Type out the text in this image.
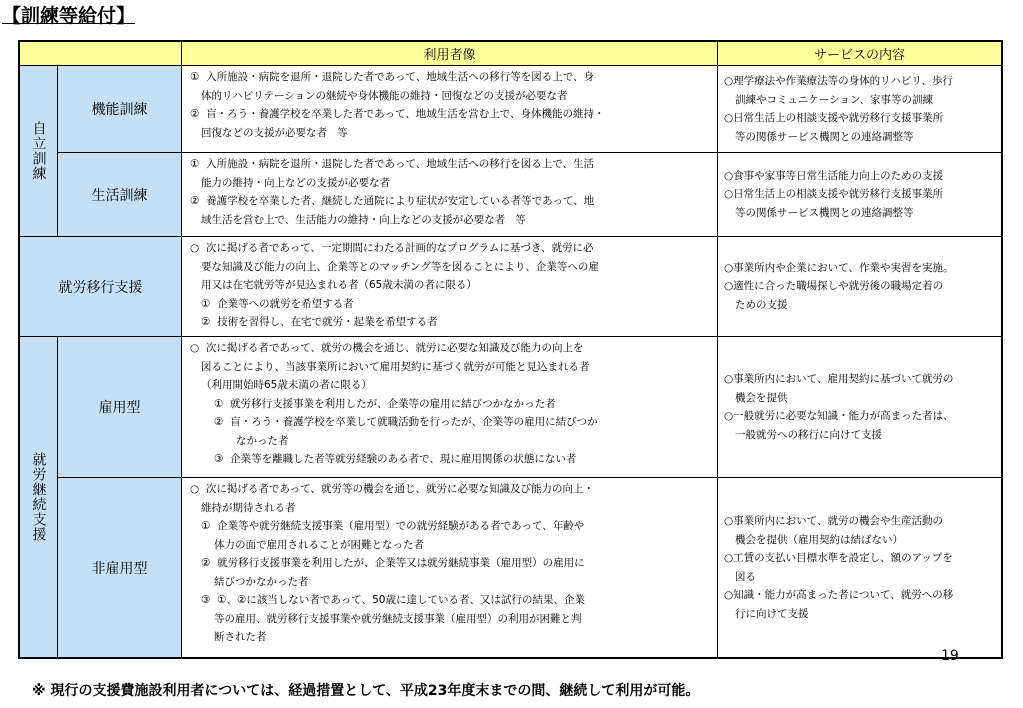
【訓練等給付】
利用者像	サービスの内容
自立訓練
機能訓練

①  入所施設・病院を退所・退院した者であって、地域生活への移行等を図る上で、身

体的リハビリテーションの継続や身体機能の維持・回復などの支援が必要な者

②  盲・ろう・養護学校を卒業した者であって、地域生活を営む上で、身体機能の維持・

回復などの支援が必要な者   等

○理学療法や作業療法等の身体的リハビリ、歩行

訓練やコミュニケーション、家事等の訓練

○日常生活上の相談支援や就労移行支援事業所

等の関係サービス機関との連絡調整等

生活訓練

①  入所施設・病院を退所・退院した者であって、地域生活への移行を図る上で、生活

能力の維持・向上などの支援が必要な者

②  養護学校を卒業した者、継続した通院により症状が安定している者等であって、地

域生活を営む上で、生活能力の維持・向上などの支援が必要な者   等

○食事や家事等日常生活能力向上のための支援

○日常生活上の相談支援や就労移行支援事業所

等の関係サービス機関との連絡調整等

就労移行支援

○  次に掲げる者であって、一定期間にわたる計画的なプログラムに基づき、就労に必

要な知識及び能力の向上、企業等とのマッチング等を図ることにより、企業等への雇

用又は在宅就労等が見込まれる者（65歳未満の者に限る）

①  企業等への就労を希望する者

②  技術を習得し、在宅で就労・起業を希望する者

○事業所内や企業において、作業や実習を実施。

○適性に合った職場探しや就労後の職場定着の

ための支援

就労継続支援
雇用型

○  次に掲げる者であって、就労の機会を通じ、就労に必要な知識及び能力の向上を

図ることにより、当該事業所において雇用契約に基づく就労が可能と見込まれる者

（利用開始時65歳未満の者に限る）

①  就労移行支援事業を利用したが、企業等の雇用に結びつかなかった者

②  盲・ろう・養護学校を卒業して就職活動を行ったが、企業等の雇用に結びつか

なかった者

③  企業等を離職した者等就労経験のある者で、現に雇用関係の状態にない者

○事業所内において、雇用契約に基づいて就労の

機会を提供

○一般就労に必要な知識・能力が高まった者は、

一般就労への移行に向けて支援

非雇用型

○  次に掲げる者であって、就労等の機会を通じ、就労に必要な知識及び能力の向上・

維持が期待される者

①  企業等や就労継続支援事業（雇用型）での就労経験がある者であって、年齢や

体力の面で雇用されることが困難となった者

②  就労移行支援事業を利用したが、企業等又は就労継続事業（雇用型）の雇用に

結びつかなかった者

③  ①、②に該当しない者であって、50歳に達している者、又は試行の結果、企業

等の雇用、就労移行支援事業や就労継続支援事業（雇用型）の利用が困難と判

断された者

○事業所内において、就労の機会や生産活動の

機会を提供（雇用契約は結ばない）

○工賃の支払い目標水準を設定し、額のアップを

図る

○知識・能力が高まった者について、就労への移

行に向けて支援

19
※ 現行の支援費施設利用者については、経過措置として、平成23年度末までの間、継続して利用が可能。
